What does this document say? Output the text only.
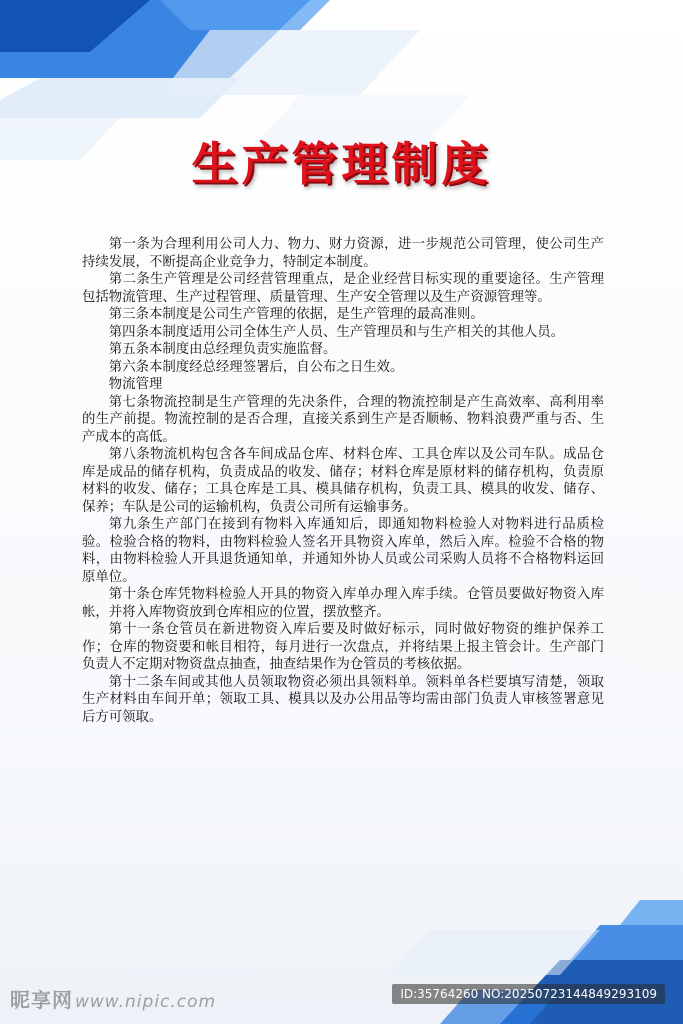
生产管理制度

第一条为合理利用公司人力、物力、财力资源，进一步规范公司管理，使公司生产持续发展，不断提高企业竞争力，特制定本制度。

第二条生产管理是公司经营管理重点，是企业经营目标实现的重要途径。生产管理包括物流管理、生产过程管理、质量管理、生产安全管理以及生产资源管理等。

第三条本制度是公司生产管理的依据，是生产管理的最高准则。

第四条本制度适用公司全体生产人员、生产管理员和与生产相关的其他人员。

第五条本制度由总经理负责实施监督。

第六条本制度经总经理签署后，自公布之日生效。

物流管理

第七条物流控制是生产管理的先决条件，合理的物流控制是产生高效率、高利用率的生产前提。物流控制的是否合理，直接关系到生产是否顺畅、物料浪费严重与否、生产成本的高低。

第八条物流机构包含各车间成品仓库、材料仓库、工具仓库以及公司车队。成品仓库是成品的储存机构，负责成品的收发、储存；材料仓库是原材料的储存机构，负责原材料的收发、储存；工具仓库是工具、模具储存机构，负责工具、模具的收发、储存、保养；车队是公司的运输机构，负责公司所有运输事务。

第九条生产部门在接到有物料入库通知后，即通知物料检验人对物料进行品质检验。检验合格的物料，由物料检验人签名开具物资入库单，然后入库。检验不合格的物料，由物料检验人开具退货通知单，并通知外协人员或公司采购人员将不合格物料运回原单位。

第十条仓库凭物料检验人开具的物资入库单办理入库手续。仓管员要做好物资入库帐，并将入库物资放到仓库相应的位置，摆放整齐。

第十一条仓管员在新进物资入库后要及时做好标示，同时做好物资的维护保养工作；仓库的物资要和帐目相符，每月进行一次盘点，并将结果上报主管会计。生产部门负责人不定期对物资盘点抽查，抽查结果作为仓管员的考核依据。

第十二条车间或其他人员领取物资必须出具领料单。领料单各栏要填写清楚，领取生产材料由车间开单；领取工具、模具以及办公用品等均需由部门负责人审核签署意见后方可领取。

昵享网 www.nipic.com	ID:35764260 NO:20250723144849293109
